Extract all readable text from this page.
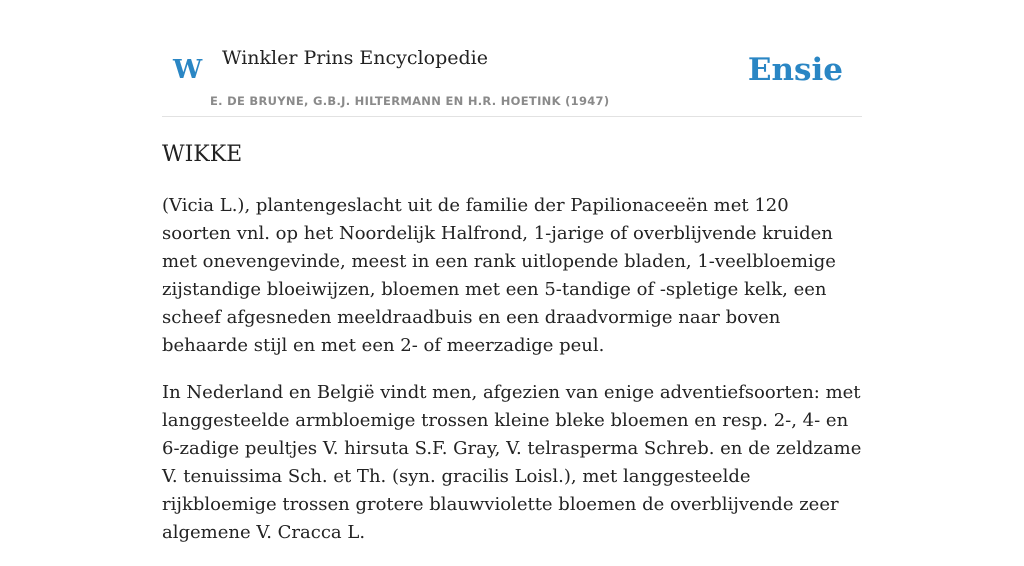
W Winkler Prins Encyclopedie
E. DE BRUYNE, G.B.J. HILTERMANN EN H.R. HOETINK (1947)
Ensie
WIKKE

(Vicia L.), plantengeslacht uit de familie der Papilionaceeën met 120 soorten vnl. op het Noordelijk Halfrond, 1-jarige of overblijvende kruiden met onevengevinde, meest in een rank uitlopende bladen, 1-veelbloemige zijstandige bloeiwijzen, bloemen met een 5-tandige of -spletige kelk, een scheef afgesneden meeldraadbuis en een draadvormige naar boven behaarde stijl en met een 2- of meerzadige peul.

In Nederland en België vindt men, afgezien van enige adventiefsoorten: met langgesteelde armbloemige trossen kleine bleke bloemen en resp. 2-, 4- en 6-zadige peultjes V. hirsuta S.F. Gray, V. telrasperma Schreb. en de zeldzame V. tenuissima Sch. et Th. (syn. gracilis Loisl.), met langgesteelde rijkbloemige trossen grotere blauwviolette bloemen de overblijvende zeer algemene V. Cracca L.
